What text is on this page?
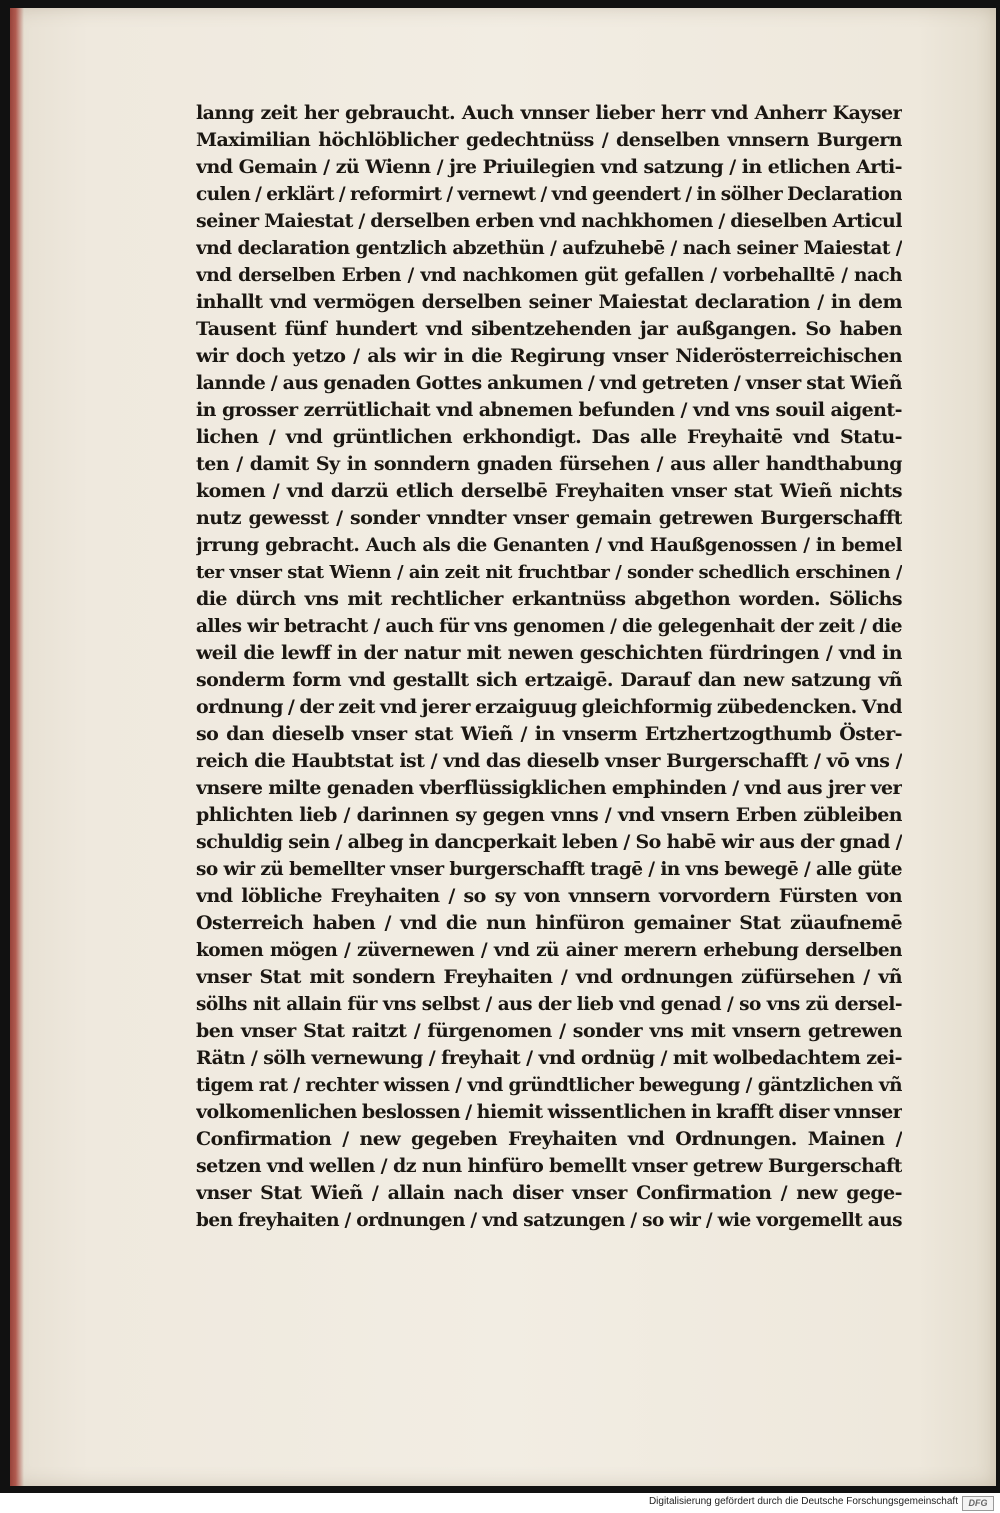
lanng zeit her gebraucht. Auch vnnser lieber herr vnd Anherr Kayser
Maximilian höchlöblicher gedechtnüss / denselben vnnsern Burgern
vnd Gemain / zü Wienn / jre Priuilegien vnd satzung / in etlichen Arti-
culen / erklärt / reformirt / vernewt / vnd geendert / in sölher Declaration
seiner Maiestat / derselben erben vnd nachkhomen / dieselben Articul
vnd declaration gentzlich abzethün / aufzuhebē / nach seiner Maiestat /
vnd derselben Erben / vnd nachkomen güt gefallen / vorbehalltē / nach
inhallt vnd vermögen derselben seiner Maiestat declaration / in dem
Tausent fünf hundert vnd sibentzehenden jar außgangen. So haben
wir doch yetzo / als wir in die Regirung vnser Niderösterreichischen
lannde / aus genaden Gottes ankumen / vnd getreten / vnser stat Wieñ
in grosser zerrütlichait vnd abnemen befunden / vnd vns souil aigent-
lichen / vnd grüntlichen erkhondigt. Das alle Freyhaitē vnd Statu-
ten / damit Sy in sonndern gnaden fürsehen / aus aller handthabung
komen / vnd darzü etlich derselbē Freyhaiten vnser stat Wieñ nichts
nutz gewesst / sonder vnndter vnser gemain getrewen Burgerschafft
jrrung gebracht. Auch als die Genanten / vnd Haußgenossen / in bemel
ter vnser stat Wienn / ain zeit nit fruchtbar / sonder schedlich erschinen /
die dürch vns mit rechtlicher erkantnüss abgethon worden. Sölichs
alles wir betracht / auch für vns genomen / die gelegenhait der zeit / die
weil die lewff in der natur mit newen geschichten fürdringen / vnd in
sonderm form vnd gestallt sich ertzaigē. Darauf dan new satzung vñ
ordnung / der zeit vnd jerer erzaiguug gleichformig zübedencken. Vnd
so dan dieselb vnser stat Wieñ / in vnserm Ertzhertzogthumb Öster-
reich die Haubtstat ist / vnd das dieselb vnser Burgerschafft / vō vns /
vnsere milte genaden vberflüssigklichen emphinden / vnd aus jrer ver
phlichten lieb / darinnen sy gegen vnns / vnd vnsern Erben zübleiben
schuldig sein / albeg in dancperkait leben / So habē wir aus der gnad /
so wir zü bemellter vnser burgerschafft tragē / in vns bewegē / alle güte
vnd löbliche Freyhaiten / so sy von vnnsern vorvordern Fürsten von
Osterreich haben / vnd die nun hinfüron gemainer Stat züaufnemē
komen mögen / züvernewen / vnd zü ainer merern erhebung derselben
vnser Stat mit sondern Freyhaiten / vnd ordnungen züfürsehen / vñ
sölhs nit allain für vns selbst / aus der lieb vnd genad / so vns zü dersel-
ben vnser Stat raitzt / fürgenomen / sonder vns mit vnsern getrewen
Rätn / sölh vernewung / freyhait / vnd ordnüg / mit wolbedachtem zei-
tigem rat / rechter wissen / vnd gründtlicher bewegung / gäntzlichen vñ
volkomenlichen beslossen / hiemit wissentlichen in krafft diser vnnser
Confirmation / new gegeben Freyhaiten vnd Ordnungen. Mainen /
setzen vnd wellen / dz nun hinfüro bemellt vnser getrew Burgerschaft
vnser Stat Wieñ / allain nach diser vnser Confirmation / new gege-
ben freyhaiten / ordnungen / vnd satzungen / so wir / wie vorgemellt aus
Digitalisierung gefördert durch die Deutsche Forschungsgemeinschaft	DFG
